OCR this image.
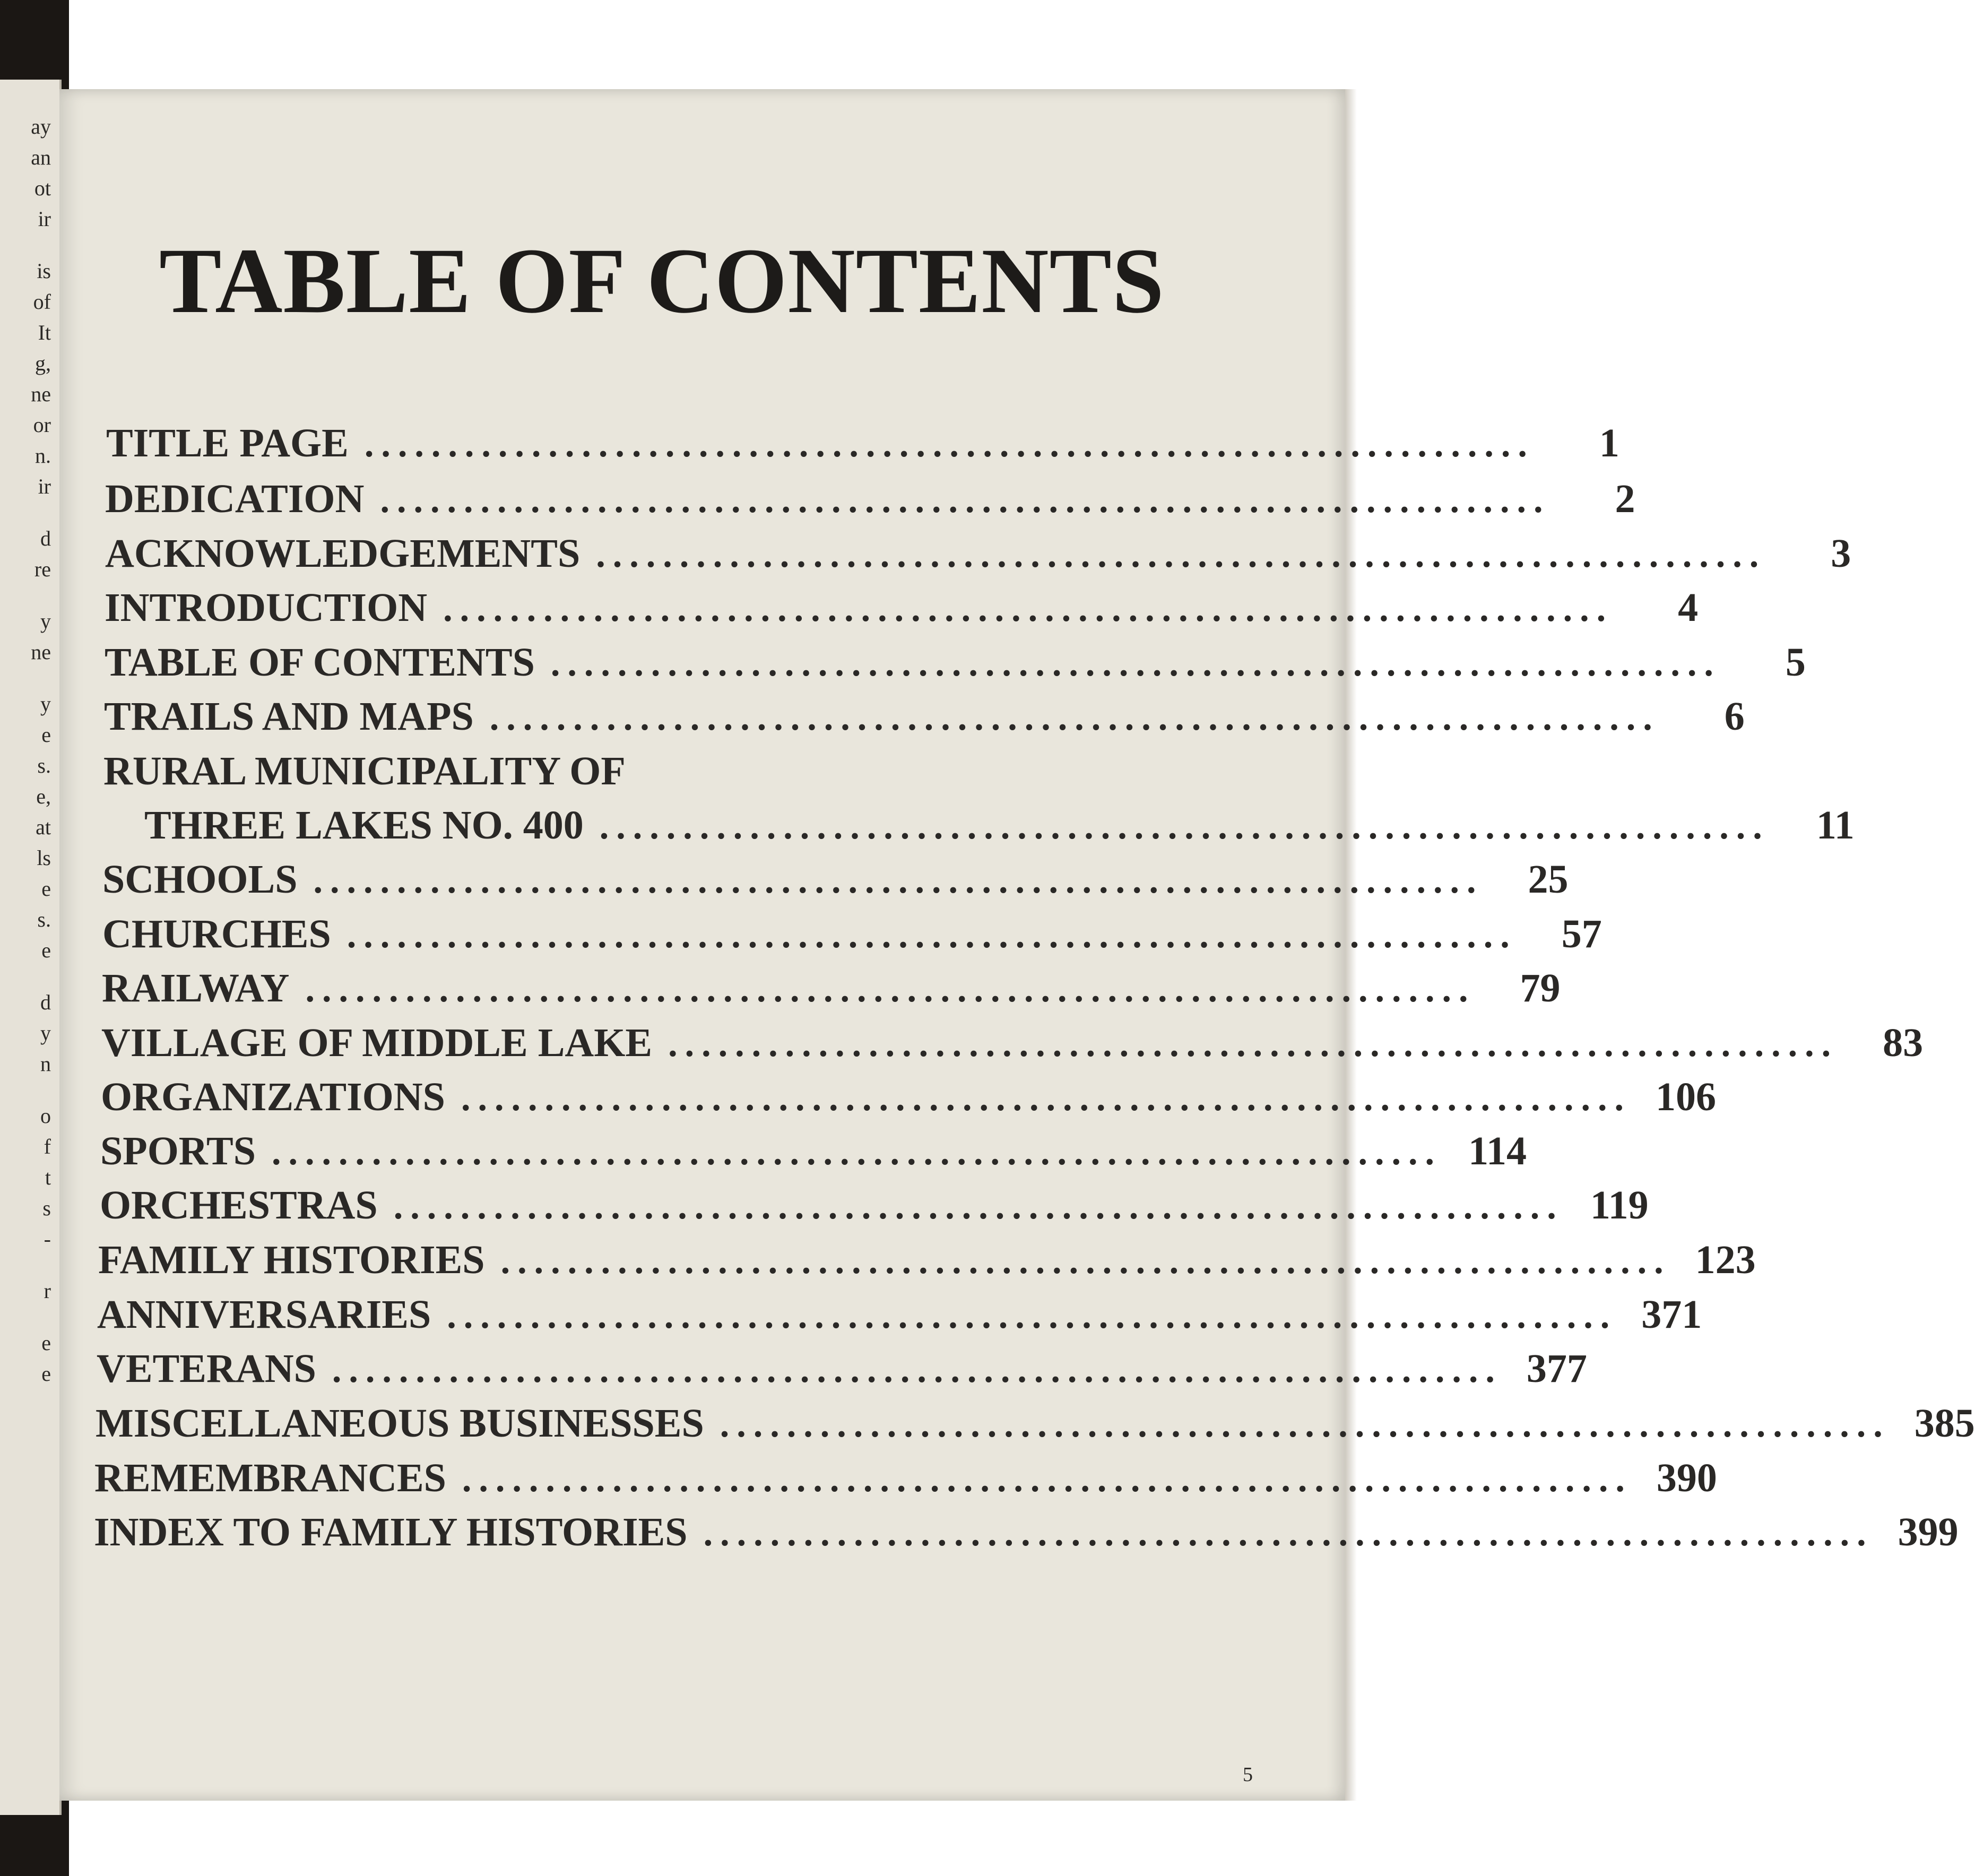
ay
an
ot
ir
is
of
It
g,
ne
or
n.
ir
d
re
y
ne
y
e
s.
e,
at
ls
e
s.
e
d
y
n
o
f
t
s
-
r
e
e
TABLE OF CONTENTS
TITLE PAGE ......................................................................	1
DEDICATION ......................................................................	2
ACKNOWLEDGEMENTS ......................................................................	3
INTRODUCTION ......................................................................	4
TABLE OF CONTENTS ......................................................................	5
TRAILS AND MAPS ......................................................................	6
RURAL MUNICIPALITY OF
THREE LAKES NO. 400 ......................................................................	11
SCHOOLS ......................................................................	25
CHURCHES ......................................................................	57
RAILWAY ......................................................................	79
VILLAGE OF MIDDLE LAKE ......................................................................	83
ORGANIZATIONS ...................................................................... 106
SPORTS ...................................................................... 114
ORCHESTRAS ...................................................................... 119
FAMILY HISTORIES ...................................................................... 123
ANNIVERSARIES ...................................................................... 371
VETERANS ...................................................................... 377
MISCELLANEOUS BUSINESSES ...................................................................... 385
REMEMBRANCES ...................................................................... 390
INDEX TO FAMILY HISTORIES ...................................................................... 399
5
